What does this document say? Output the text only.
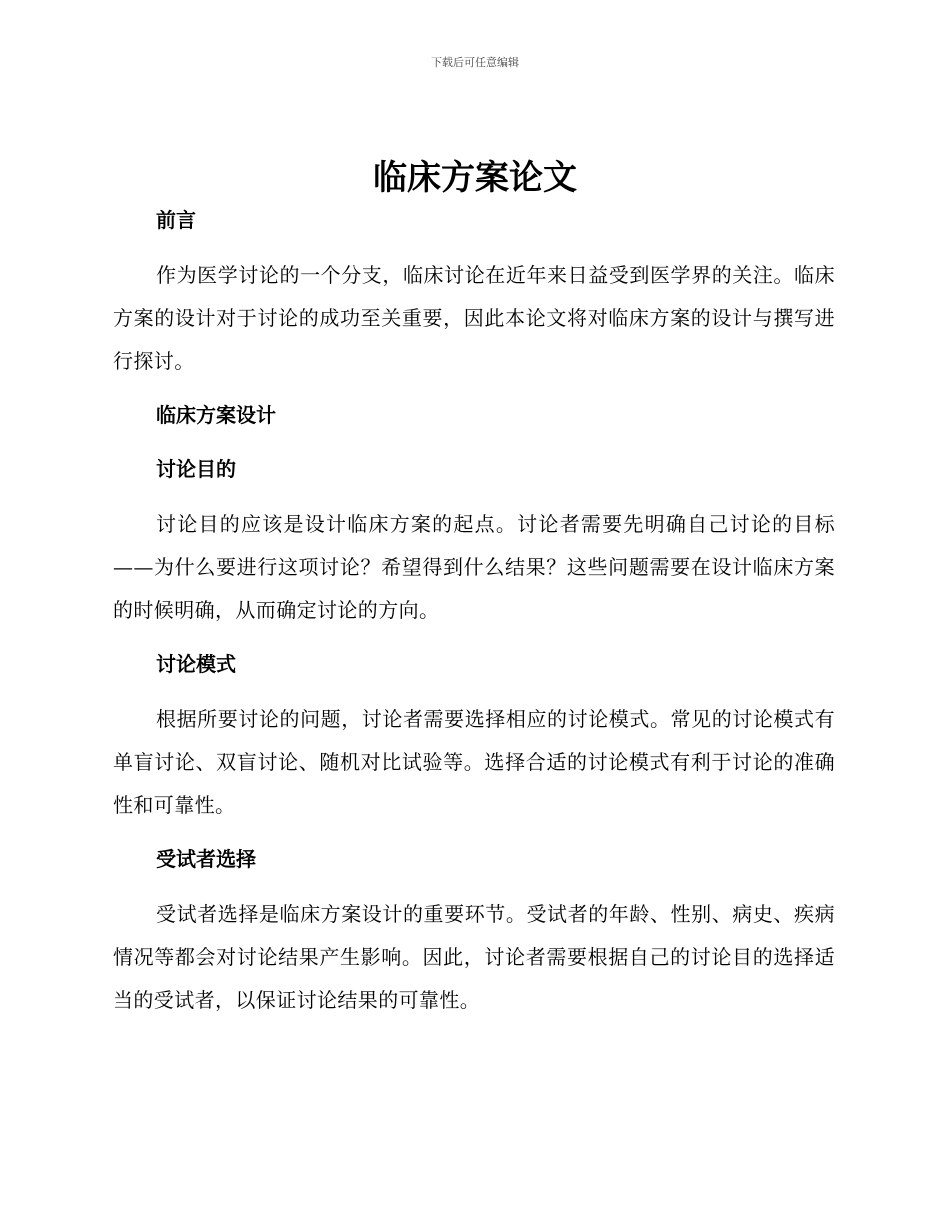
下载后可任意编辑
临床方案论文
前言

作为医学讨论的一个分支，临床讨论在近年来日益受到医学界的关注。临床方案的设计对于讨论的成功至关重要，因此本论文将对临床方案的设计与撰写进行探讨。

临床方案设计
讨论目的

讨论目的应该是设计临床方案的起点。讨论者需要先明确自己讨论的目标——为什么要进行这项讨论？希望得到什么结果？这些问题需要在设计临床方案的时候明确，从而确定讨论的方向。

讨论模式

根据所要讨论的问题，讨论者需要选择相应的讨论模式。常见的讨论模式有单盲讨论、双盲讨论、随机对比试验等。选择合适的讨论模式有利于讨论的准确性和可靠性。

受试者选择

受试者选择是临床方案设计的重要环节。受试者的年龄、性别、病史、疾病情况等都会对讨论结果产生影响。因此，讨论者需要根据自己的讨论目的选择适当的受试者，以保证讨论结果的可靠性。
